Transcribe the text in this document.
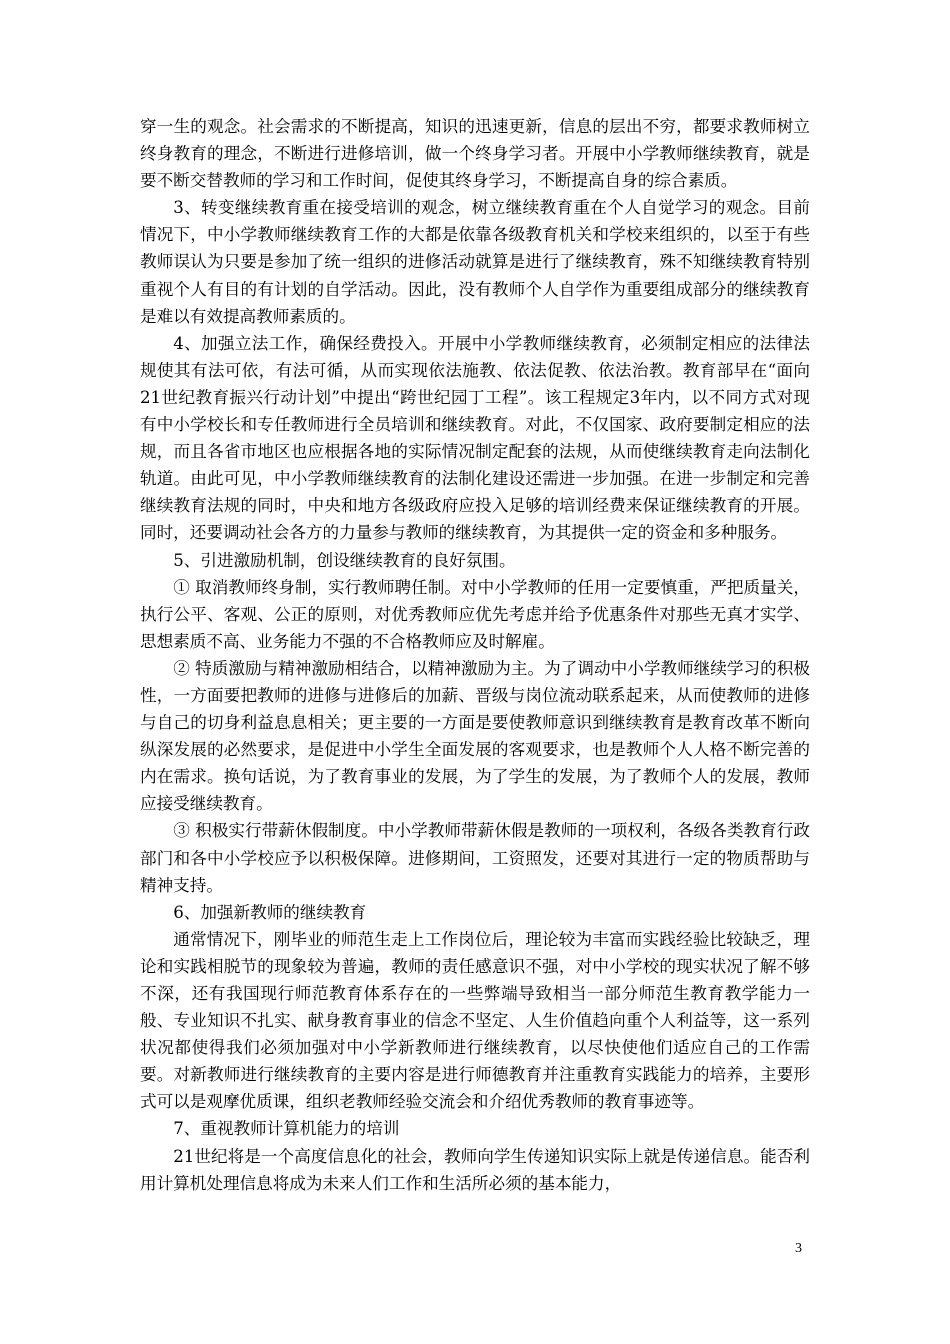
穿一生的观念。社会需求的不断提高，知识的迅速更新，信息的层出不穷，都要求教师树立终身教育的理念，不断进行进修培训，做一个终身学习者。开展中小学教师继续教育，就是要不断交替教师的学习和工作时间，促使其终身学习，不断提高自身的综合素质。

3、转变继续教育重在接受培训的观念，树立继续教育重在个人自觉学习的观念。目前情况下，中小学教师继续教育工作的大都是依靠各级教育机关和学校来组织的，以至于有些教师误认为只要是参加了统一组织的进修活动就算是进行了继续教育，殊不知继续教育特别重视个人有目的有计划的自学活动。因此，没有教师个人自学作为重要组成部分的继续教育是难以有效提高教师素质的。

4、加强立法工作，确保经费投入。开展中小学教师继续教育，必须制定相应的法律法规使其有法可依，有法可循，从而实现依法施教、依法促教、依法治教。教育部早在“面向21世纪教育振兴行动计划”中提出“跨世纪园丁工程”。该工程规定3年内，以不同方式对现有中小学校长和专任教师进行全员培训和继续教育。对此，不仅国家、政府要制定相应的法规，而且各省市地区也应根据各地的实际情况制定配套的法规，从而使继续教育走向法制化轨道。由此可见，中小学教师继续教育的法制化建设还需进一步加强。在进一步制定和完善继续教育法规的同时，中央和地方各级政府应投入足够的培训经费来保证继续教育的开展。同时，还要调动社会各方的力量参与教师的继续教育，为其提供一定的资金和多种服务。

5、引进激励机制，创设继续教育的良好氛围。

① 取消教师终身制，实行教师聘任制。对中小学教师的任用一定要慎重，严把质量关，执行公平、客观、公正的原则，对优秀教师应优先考虑并给予优惠条件对那些无真才实学、思想素质不高、业务能力不强的不合格教师应及时解雇。

② 特质激励与精神激励相结合，以精神激励为主。为了调动中小学教师继续学习的积极性，一方面要把教师的进修与进修后的加薪、晋级与岗位流动联系起来，从而使教师的进修与自己的切身利益息息相关；更主要的一方面是要使教师意识到继续教育是教育改革不断向纵深发展的必然要求，是促进中小学生全面发展的客观要求，也是教师个人人格不断完善的内在需求。换句话说，为了教育事业的发展，为了学生的发展，为了教师个人的发展，教师应接受继续教育。

③ 积极实行带薪休假制度。中小学教师带薪休假是教师的一项权利，各级各类教育行政部门和各中小学校应予以积极保障。进修期间，工资照发，还要对其进行一定的物质帮助与精神支持。

6、加强新教师的继续教育

通常情况下，刚毕业的师范生走上工作岗位后，理论较为丰富而实践经验比较缺乏，理论和实践相脱节的现象较为普遍，教师的责任感意识不强，对中小学校的现实状况了解不够不深，还有我国现行师范教育体系存在的一些弊端导致相当一部分师范生教育教学能力一般、专业知识不扎实、献身教育事业的信念不坚定、人生价值趋向重个人利益等，这一系列状况都使得我们必须加强对中小学新教师进行继续教育，以尽快使他们适应自己的工作需要。对新教师进行继续教育的主要内容是进行师德教育并注重教育实践能力的培养，主要形式可以是观摩优质课，组织老教师经验交流会和介绍优秀教师的教育事迹等。

7、重视教师计算机能力的培训

21世纪将是一个高度信息化的社会，教师向学生传递知识实际上就是传递信息。能否利用计算机处理信息将成为未来人们工作和生活所必须的基本能力，

3
